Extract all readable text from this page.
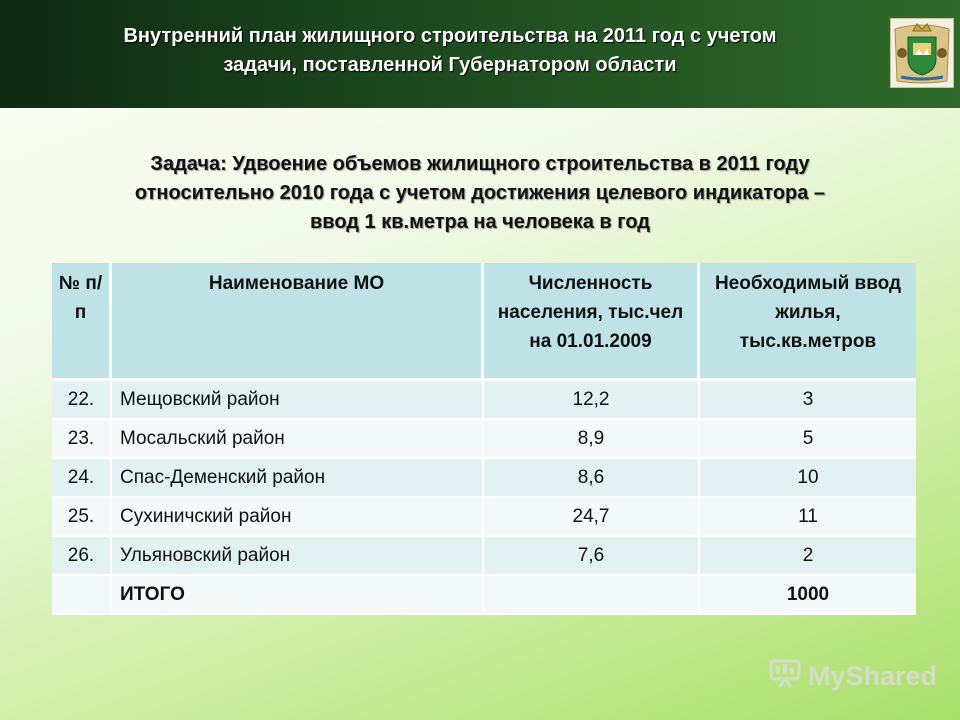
Внутренний план жилищного строительства на 2011 год с учетом
задачи, поставленной Губернатором области
Задача: Удвоение объемов жилищного строительства в 2011 году
относительно 2010 года с учетом достижения целевого индикатора –
ввод 1 кв.метра на человека в год
№ п/п	Наименование МО	Численность населения, тыс.чел на 01.01.2009	Необходимый ввод жилья, тыс.кв.метров
22.	Мещовский район	12,2	3
23.	Мосальский район	8,9	5
24.	Спас-Деменский район	8,6	10
25.	Сухиничский район	24,7	11
26.	Ульяновский район	7,6	2
	ИТОГО		1000
MyShared
